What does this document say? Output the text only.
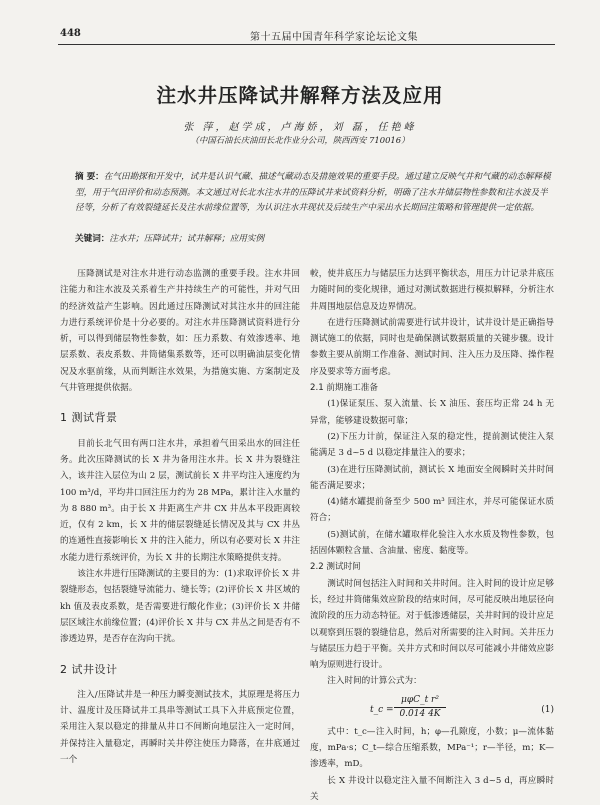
448	第十五届中国青年科学家论坛论文集
注水井压降试井解释方法及应用
张 萍，赵学成，卢海娇，刘 磊，任艳峰
（中国石油长庆油田长北作业分公司，陕西西安 710016）
摘 要：在气田勘探和开发中，试井是认识气藏、描述气藏动态及措施效果的重要手段。通过建立反映气井和气藏的动态解释模型，用于气田评价和动态预测。本文通过对长北水注水井的压降试井来试资料分析，明确了注水井储层物性参数和注水波及半径等，分析了有效裂缝延长及注水前缘位置等，为认识注水井现状及后续生产中采出水长期回注策略和管理提供一定依据。
关键词：注水井；压降试井；试井解释；应用实例

压降测试是对注水井进行动态监测的重要手段。注水井回注能力和注水波及关系着生产井持续生产的可能性，并对气田的经济效益产生影响。因此通过压降测试对其注水井的回注能力进行系统评价是十分必要的。对注水井压降测试资料进行分析，可以得到储层物性参数，如：压力系数、有效渗透率、地层系数、表皮系数、井筒储集系数等，还可以明确油层变化情况及水驱前缘，从而判断注水效果，为措施实施、方案制定及气井管理提供依据。

1 测试背景

目前长北气田有两口注水井，承担着气田采出水的回注任务。此次压降测试的长 X 井为备用注水井。长 X 井为裂缝注入，该井注入层位为山 2 层，测试前长 X 井平均注入速度约为 100 m³/d，平均井口回注压力约为 28 MPa，累计注入水量约为 8 880 m³。由于长 X 井距离生产井 CX 井丛本平段距离较近，仅有 2 km，长 X 井的储层裂缝延长情况及其与 CX 井丛的连通性直接影响长 X 井的注入能力，所以有必要对长 X 井注水能力进行系统评价，为长 X 井的长期注水策略提供支持。

该注水井进行压降测试的主要目的为：(1)求取评价长 X 井裂缝形态，包括裂缝导流能力、缝长等；(2)评价长 X 井区域的 kh 值及表皮系数，是否需要进行酸化作业；(3)评价长 X 井储层区域注水前缘位置；(4)评价长 X 井与 CX 井丛之间是否有不渗透边界，是否存在沟向干扰。

2 试井设计

注入/压降试井是一种压力瞬变测试技术，其原理是将压力计、温度计及压降试井工具串等测试工具下入井底预定位置，采用注入泵以稳定的排量从井口不间断向地层注入一定时间，并保持注入量稳定，再瞬时关井停注使压力降落，在井底通过一个

較，使井底压力与储层压力达到平衡状态，用压力计记录井底压力随时间的变化规律，通过对测试数据进行模拟解释，分析注水井周围地层信息及边界情况。

在进行压降测试前需要进行试井设计，试井设计是正确指导测试施工的依据，同时也是确保测试数据质量的关键步骤。设计参数主要从前期工作准备、测试时间、注入压力及压降、操作程序及要求等方面考虑。

2.1 前期施工准备

(1)保证泵压、泵入流量、长 X 油压、套压均正常 24 h 无异常，能够建设数据可靠；

(2)下压力计前，保证注入泵的稳定性，提前测试使注入泵能满足 3 d~5 d 以稳定排量注入的要求；

(3)在进行压降测试前，测试长 X 地面安全阀瞬时关井时间能否满足要求；

(4)储水罐提前备至少 500 m³ 回注水，并尽可能保证水质符合；

(5)测试前，在储水罐取样化验注入水水质及物性参数，包括固体颗粒含量、含油量、密度、黏度等。

2.2 测试时间

测试时间包括注入时间和关井时间。注入时间的设计应足够长，经过井筒储集效应阶段的结束时间，尽可能反映出地层径向流阶段的压力动态特征。对于低渗透储层，关井时间的设计应足以观察到压裂的裂缝信息，然后对所需要的注入时间。关井压力与储层压力趋于平衡。关井方式和时间以尽可能减小井储效应影响为原则进行设计。

注入时间的计算公式为：

t_c =
μφC_t r²
0.014 4K	(1)

式中：t_c—注入时间，h；φ—孔隙度，小数；μ—流体黏度，mPa·s；C_t—综合压缩系数，MPa⁻¹；r—半径，m；K—渗透率，mD。

长 X 井设计以稳定注入量不间断注入 3 d~5 d，再应瞬时关
